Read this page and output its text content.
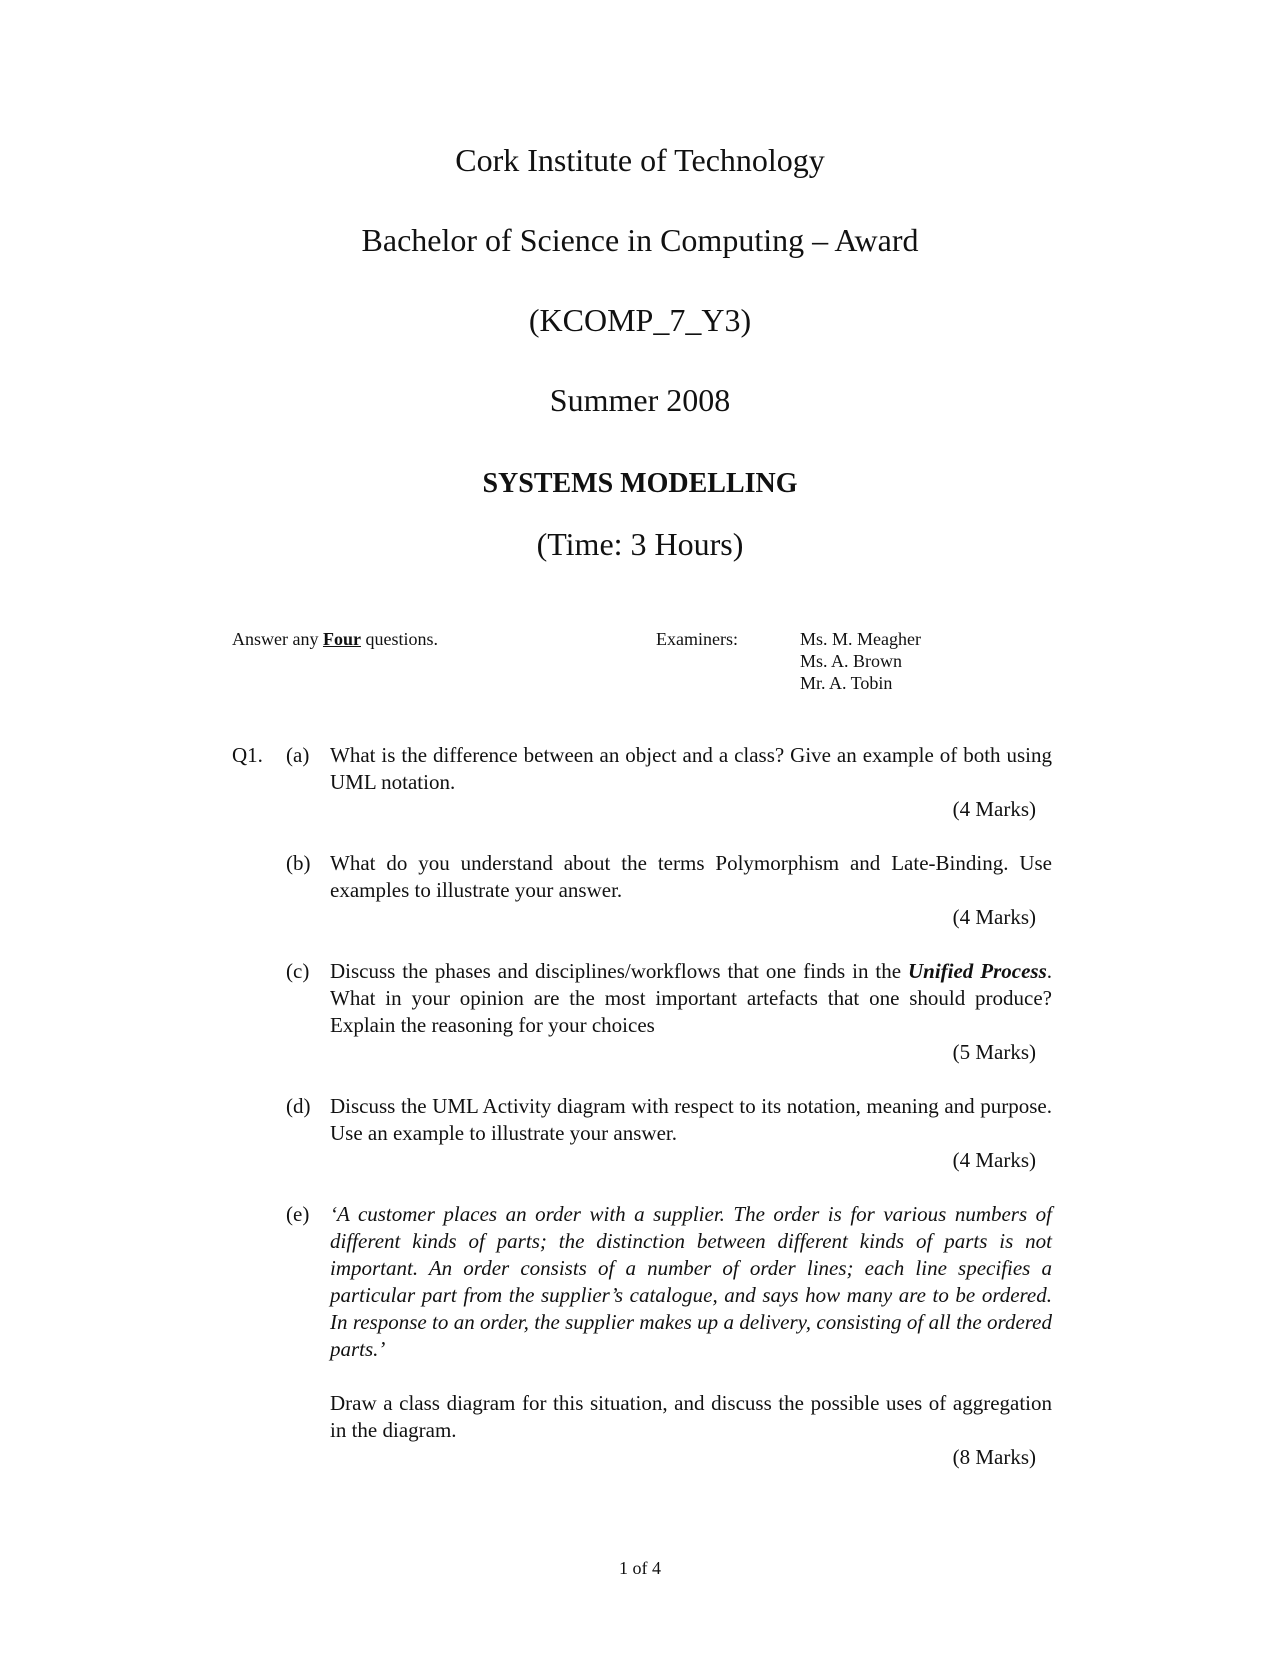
Cork Institute of Technology
Bachelor of Science in Computing – Award
(KCOMP_7_Y3)
Summer 2008
SYSTEMS MODELLING
(Time: 3 Hours)
Answer any Four questions.	Examiners:	Ms. M. Meagher
Ms. A. Brown
Mr. A. Tobin
Q1. (a) What is the difference between an object and a class? Give an example of both using UML notation.

(4 Marks)

(b) What do you understand about the terms Polymorphism and Late-Binding. Use examples to illustrate your answer.

(4 Marks)

(c) Discuss the phases and disciplines/workflows that one finds in the Unified Process. What in your opinion are the most important artefacts that one should produce? Explain the reasoning for your choices

(5 Marks)

(d) Discuss the UML Activity diagram with respect to its notation, meaning and purpose. Use an example to illustrate your answer.

(4 Marks)

(e) ‘A customer places an order with a supplier. The order is for various numbers of different kinds of parts; the distinction between different kinds of parts is not important. An order consists of a number of order lines; each line specifies a particular part from the supplier’s catalogue, and says how many are to be ordered. In response to an order, the supplier makes up a delivery, consisting of all the ordered parts.’

Draw a class diagram for this situation, and discuss the possible uses of aggregation in the diagram.

(8 Marks)

1 of 4
